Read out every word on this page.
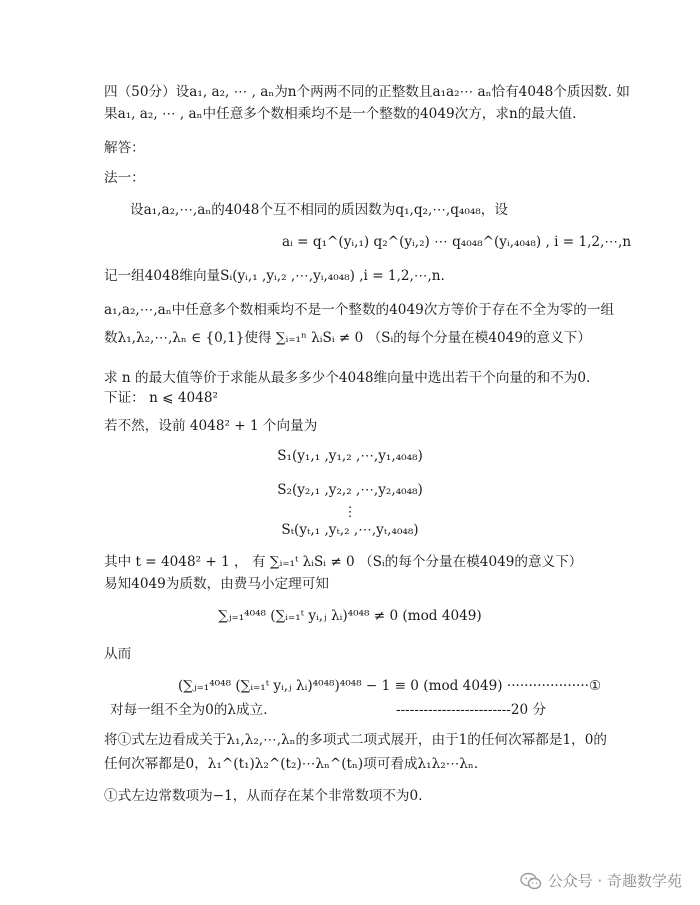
四（50分）设a₁, a₂, ⋯ , aₙ为n个两两不同的正整数且a₁a₂⋯ aₙ恰有4048个质因数. 如
果a₁, a₂, ⋯ , aₙ中任意多个数相乘均不是一个整数的4049次方，求n的最大值.
解答：
法一：
设a₁,a₂,⋯,aₙ的4048个互不相同的质因数为q₁,q₂,⋯,q₄₀₄₈，设
aᵢ = q₁^(yᵢ,₁) q₂^(yᵢ,₂) ⋯ q₄₀₄₈^(yᵢ,₄₀₄₈) , i = 1,2,⋯,n
记一组4048维向量Sᵢ(yᵢ,₁ ,yᵢ,₂ ,⋯,yᵢ,₄₀₄₈) ,i = 1,2,⋯,n.
a₁,a₂,⋯,aₙ中任意多个数相乘均不是一个整数的4049次方等价于存在不全为零的一组
数λ₁,λ₂,⋯,λₙ ∈ {0,1}使得 ∑ᵢ₌₁ⁿ λᵢSᵢ ≠ 0 （Sᵢ的每个分量在模4049的意义下）
求 n 的最大值等价于求能从最多多少个4048维向量中选出若干个向量的和不为0.
下证： n ⩽ 4048²
若不然，设前 4048² + 1 个向量为
S₁(y₁,₁ ,y₁,₂ ,⋯,y₁,₄₀₄₈)
S₂(y₂,₁ ,y₂,₂ ,⋯,y₂,₄₀₄₈)
⋮
Sₜ(yₜ,₁ ,yₜ,₂ ,⋯,yₜ,₄₀₄₈)
其中 t = 4048² + 1 ， 有 ∑ᵢ₌₁ᵗ λᵢSᵢ ≠ 0 （Sᵢ的每个分量在模4049的意义下）
易知4049为质数，由费马小定理可知
∑ⱼ₌₁⁴⁰⁴⁸ (∑ᵢ₌₁ᵗ yᵢ,ⱼ λᵢ)⁴⁰⁴⁸ ≠ 0 (mod 4049)
从而
(∑ⱼ₌₁⁴⁰⁴⁸ (∑ᵢ₌₁ᵗ yᵢ,ⱼ λᵢ)⁴⁰⁴⁸)⁴⁰⁴⁸ − 1 ≡ 0 (mod 4049) ···················①
对每一组不全为0的λ成立.	-------------------------20 分
将①式左边看成关于λ₁,λ₂,⋯,λₙ的多项式二项式展开，由于1的任何次幂都是1，0的
任何次幂都是0，λ₁^(t₁)λ₂^(t₂)⋯λₙ^(tₙ)项可看成λ₁λ₂⋯λₙ.
①式左边常数项为−1，从而存在某个非常数项不为0.
公众号 · 奇趣数学苑
